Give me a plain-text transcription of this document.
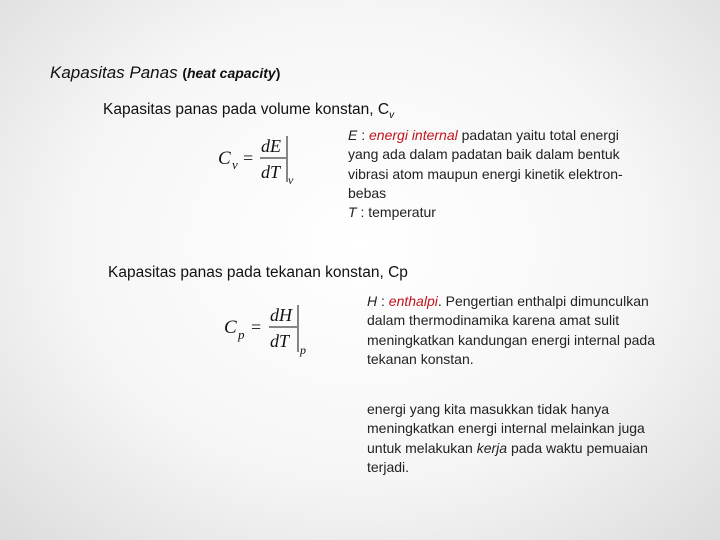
Kapasitas Panas (heat capacity)
Kapasitas panas pada volume konstan, $C_v$
C v =
dE
dT v
E : energi internal padatan yaitu total energi yang ada dalam padatan baik dalam bentuk vibrasi atom maupun energi kinetik elektron-bebas
T : temperatur
Kapasitas panas pada tekanan konstan, Cp
C p =
dH
dT p
H : enthalpi. Pengertian enthalpi dimunculkan dalam thermodinamika karena amat sulit meningkatkan kandungan energi internal pada tekanan konstan.
energi yang kita masukkan tidak hanya meningkatkan energi internal melainkan juga untuk melakukan kerja pada waktu pemuaian terjadi.
